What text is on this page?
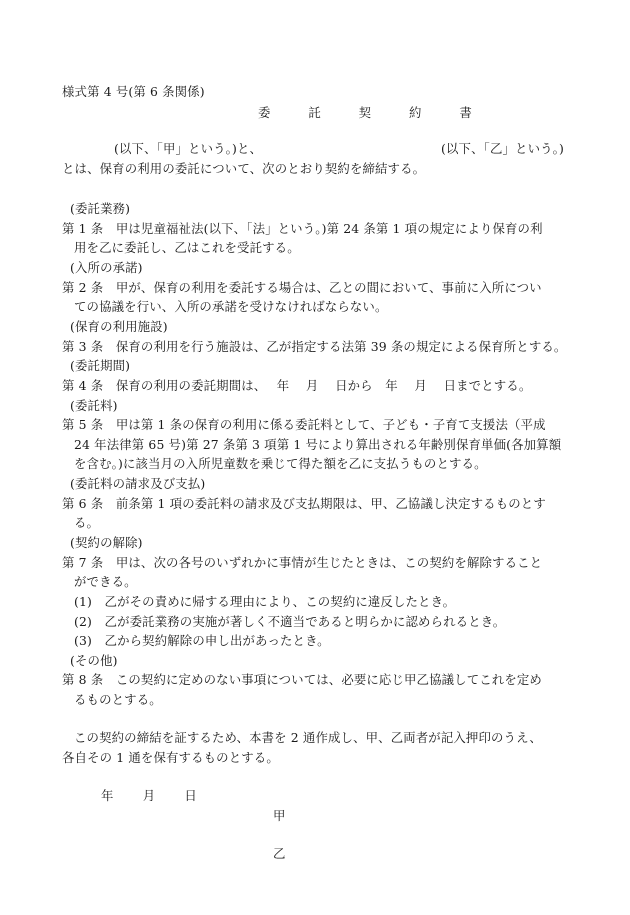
様式第 4 号(第 6 条関係)
委 託 契 約 書
(以下、「甲」という。)と、	(以下、「乙」という。)
とは、保育の利用の委託について、次のとおり契約を締結する。
(委託業務)
第 1 条　甲は児童福祉法(以下、「法」という。)第 24 条第 1 項の規定により保育の利
用を乙に委託し、乙はこれを受託する。
(入所の承諾)
第 2 条　甲が、保育の利用を委託する場合は、乙との間において、事前に入所につい
ての協議を行い、入所の承諾を受けなければならない。
(保育の利用施設)
第 3 条　保育の利用を行う施設は、乙が指定する法第 39 条の規定による保育所とする。
(委託期間)
第 4 条　保育の利用の委託期間は、　 年　 月　 日から　年　 月　 日までとする。
(委託料)
第 5 条　甲は第 1 条の保育の利用に係る委託料として、子ども・子育て支援法（平成
24 年法律第 65 号)第 27 条第 3 項第 1 号により算出される年齢別保育単価(各加算額
を含む。)に該当月の入所児童数を乗じて得た額を乙に支払うものとする。
(委託料の請求及び支払)
第 6 条　前条第 1 項の委託料の請求及び支払期限は、甲、乙協議し決定するものとす
る。
(契約の解除)
第 7 条　甲は、次の各号のいずれかに事情が生じたときは、この契約を解除すること
ができる。
(1)　乙がその責めに帰する理由により、この契約に違反したとき。
(2)　乙が委託業務の実施が著しく不適当であると明らかに認められるとき。
(3)　乙から契約解除の申し出があったとき。
(その他)
第 8 条　この契約に定めのない事項については、必要に応じ甲乙協議してこれを定め
るものとする。
この契約の締結を証するため、本書を 2 通作成し、甲、乙両者が記入押印のうえ、
各自その 1 通を保有するものとする。
年　　 月　　 日
甲
乙
